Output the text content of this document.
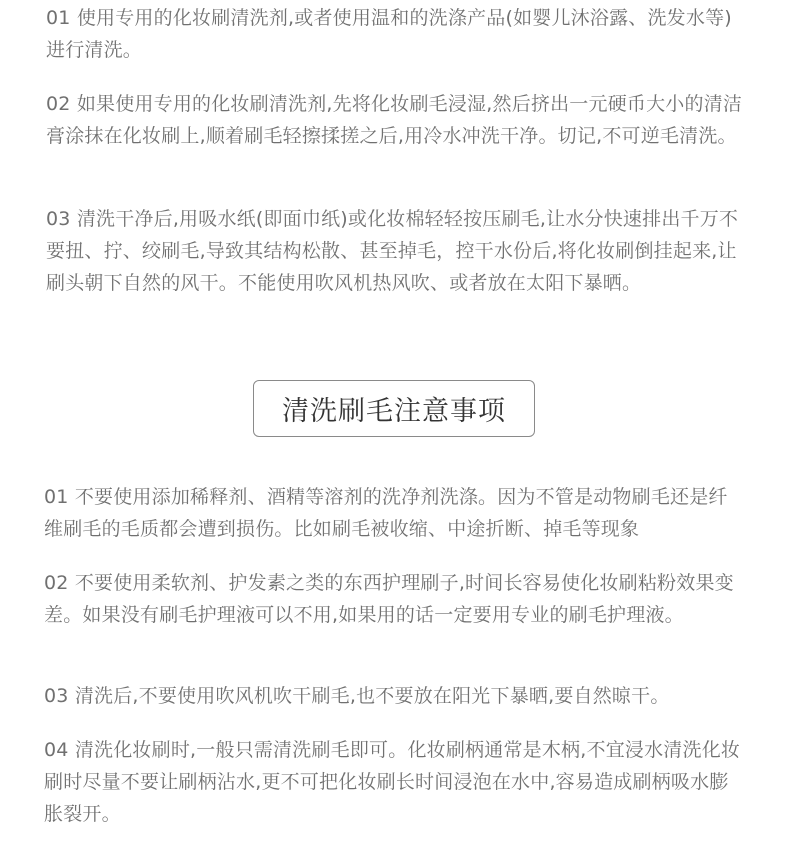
01 使用专用的化妆刷清洗剂,或者使用温和的洗涤产品(如婴儿沐浴露、洗发水等)进行清洗。

02 如果使用专用的化妆刷清洗剂,先将化妆刷毛浸湿,然后挤出一元硬币大小的清洁膏涂抹在化妆刷上,顺着刷毛轻擦揉搓之后,用冷水冲洗干净。切记,不可逆毛清洗。

03 清洗干净后,用吸水纸(即面巾纸)或化妆棉轻轻按压刷毛,让水分快速排出千万不要扭、拧、绞刷毛,导致其结构松散、甚至掉毛，控干水份后,将化妆刷倒挂起来,让刷头朝下自然的风干。不能使用吹风机热风吹、或者放在太阳下暴晒。

清洗刷毛注意事项

01 不要使用添加稀释剂、酒精等溶剂的洗净剂洗涤。因为不管是动物刷毛还是纤维刷毛的毛质都会遭到损伤。比如刷毛被收缩、中途折断、掉毛等现象

02 不要使用柔软剂、护发素之类的东西护理刷子,时间长容易使化妆刷粘粉效果变差。如果没有刷毛护理液可以不用,如果用的话一定要用专业的刷毛护理液。

03 清洗后,不要使用吹风机吹干刷毛,也不要放在阳光下暴晒,要自然晾干。

04 清洗化妆刷时,一般只需清洗刷毛即可。化妆刷柄通常是木柄,不宜浸水清洗化妆刷时尽量不要让刷柄沾水,更不可把化妆刷长时间浸泡在水中,容易造成刷柄吸水膨胀裂开。
